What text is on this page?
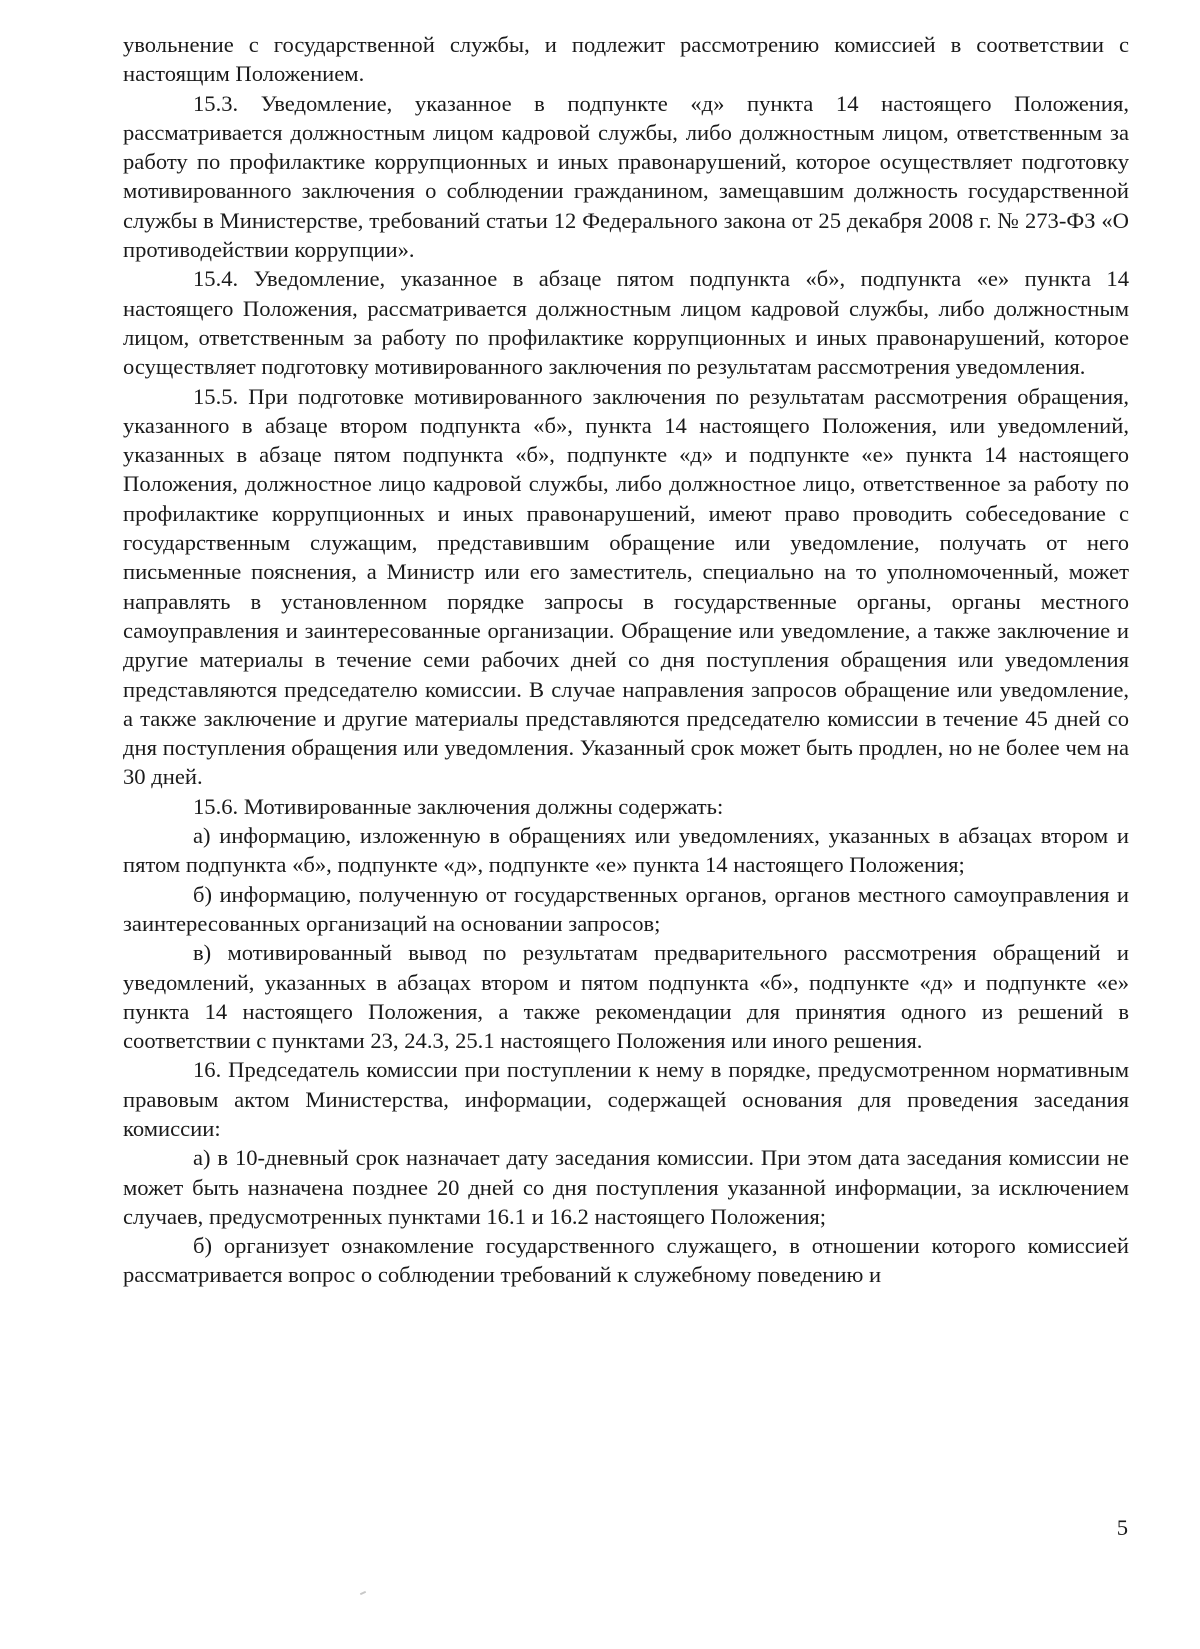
увольнение с государственной службы, и подлежит рассмотрению комиссией в соответствии с настоящим Положением.

15.3. Уведомление, указанное в подпункте «д» пункта 14 настоящего Положения, рассматривается должностным лицом кадровой службы, либо должностным лицом, ответственным за работу по профилактике коррупционных и иных правонарушений, которое осуществляет подготовку мотивированного заключения о соблюдении гражданином, замещавшим должность государственной службы в Министерстве, требований статьи 12 Федерального закона от 25 декабря 2008 г. № 273-ФЗ «О противодействии коррупции».

15.4. Уведомление, указанное в абзаце пятом подпункта «б», подпункта «е» пункта 14 настоящего Положения, рассматривается должностным лицом кадровой службы, либо должностным лицом, ответственным за работу по профилактике коррупционных и иных правонарушений, которое осуществляет подготовку мотивированного заключения по результатам рассмотрения уведомления.

15.5. При подготовке мотивированного заключения по результатам рассмотрения обращения, указанного в абзаце втором подпункта «б», пункта 14 настоящего Положения, или уведомлений, указанных в абзаце пятом подпункта «б», подпункте «д» и подпункте «е» пункта 14 настоящего Положения, должностное лицо кадровой службы, либо должностное лицо, ответственное за работу по профилактике коррупционных и иных правонарушений, имеют право проводить собеседование с государственным служащим, представившим обращение или уведомление, получать от него письменные пояснения, а Министр или его заместитель, специально на то уполномоченный, может направлять в установленном порядке запросы в государственные органы, органы местного самоуправления и заинтересованные организации. Обращение или уведомление, а также заключение и другие материалы в течение семи рабочих дней со дня поступления обращения или уведомления представляются председателю комиссии. В случае направления запросов обращение или уведомление, а также заключение и другие материалы представляются председателю комиссии в течение 45 дней со дня поступления обращения или уведомления. Указанный срок может быть продлен, но не более чем на 30 дней.

15.6. Мотивированные заключения должны содержать:

а) информацию, изложенную в обращениях или уведомлениях, указанных в абзацах втором и пятом подпункта «б», подпункте «д», подпункте «е» пункта 14 настоящего Положения;

б) информацию, полученную от государственных органов, органов местного самоуправления и заинтересованных организаций на основании запросов;

в) мотивированный вывод по результатам предварительного рассмотрения обращений и уведомлений, указанных в абзацах втором и пятом подпункта «б», подпункте «д» и подпункте «е» пункта 14 настоящего Положения, а также рекомендации для принятия одного из решений в соответствии с пунктами 23, 24.3, 25.1 настоящего Положения или иного решения.

16. Председатель комиссии при поступлении к нему в порядке, предусмотренном нормативным правовым актом Министерства, информации, содержащей основания для проведения заседания комиссии:

а) в 10-дневный срок назначает дату заседания комиссии. При этом дата заседания комиссии не может быть назначена позднее 20 дней со дня поступления указанной информации, за исключением случаев, предусмотренных пунктами 16.1 и 16.2 настоящего Положения;

б) организует ознакомление государственного служащего, в отношении которого комиссией рассматривается вопрос о соблюдении требований к служебному поведению и

5
